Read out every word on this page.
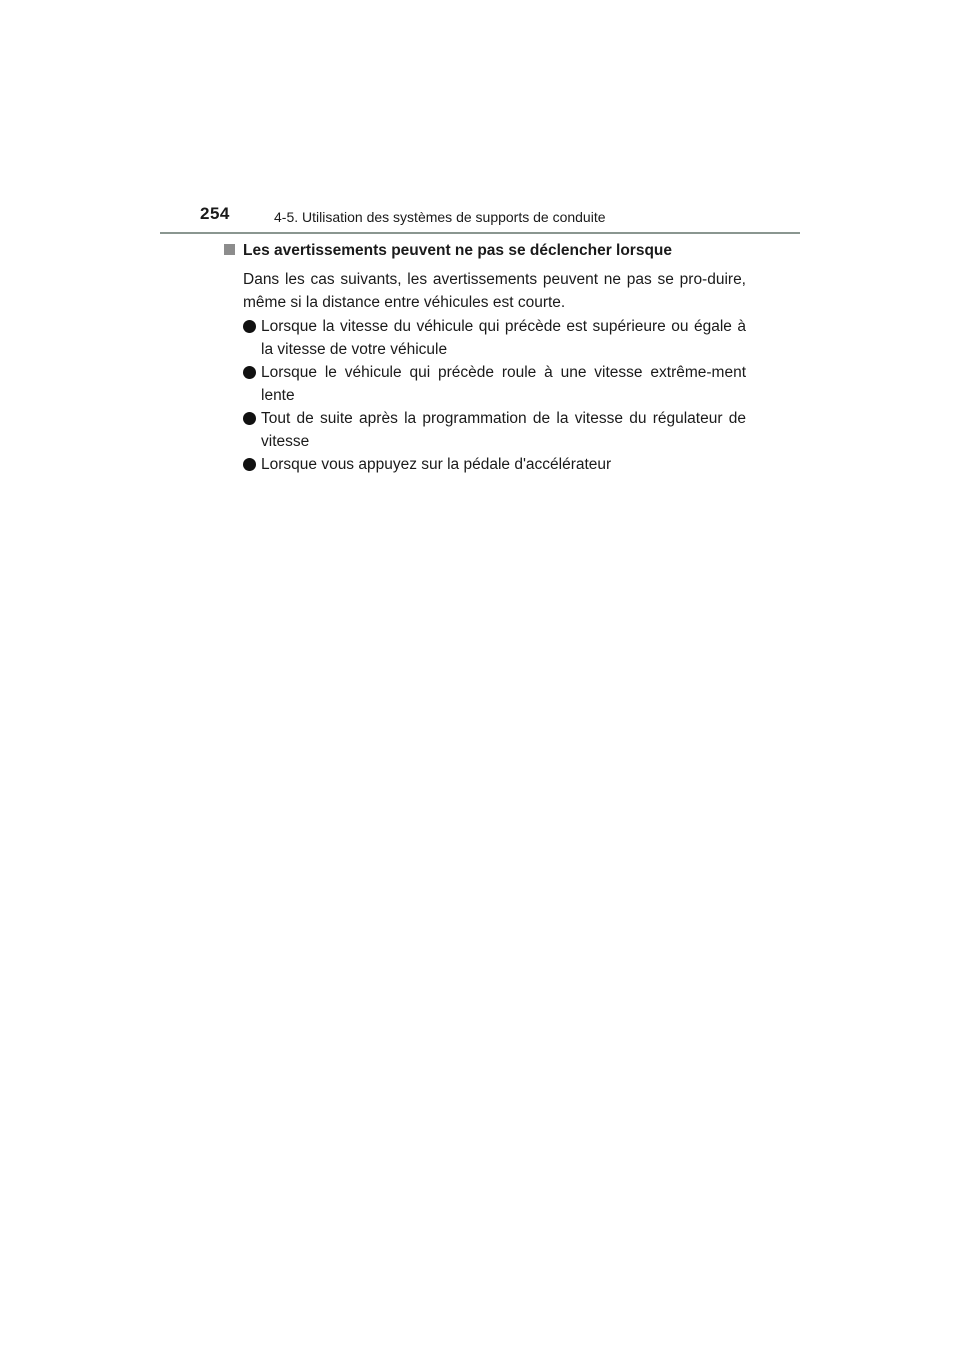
254	4-5. Utilisation des systèmes de supports de conduite
Les avertissements peuvent ne pas se déclencher lorsque

Dans les cas suivants, les avertissements peuvent ne pas se pro-duire, même si la distance entre véhicules est courte.

Lorsque la vitesse du véhicule qui précède est supérieure ou égale à la vitesse de votre véhicule
Lorsque le véhicule qui précède roule à une vitesse extrême-ment lente
Tout de suite après la programmation de la vitesse du régulateur de vitesse
Lorsque vous appuyez sur la pédale d'accélérateur
